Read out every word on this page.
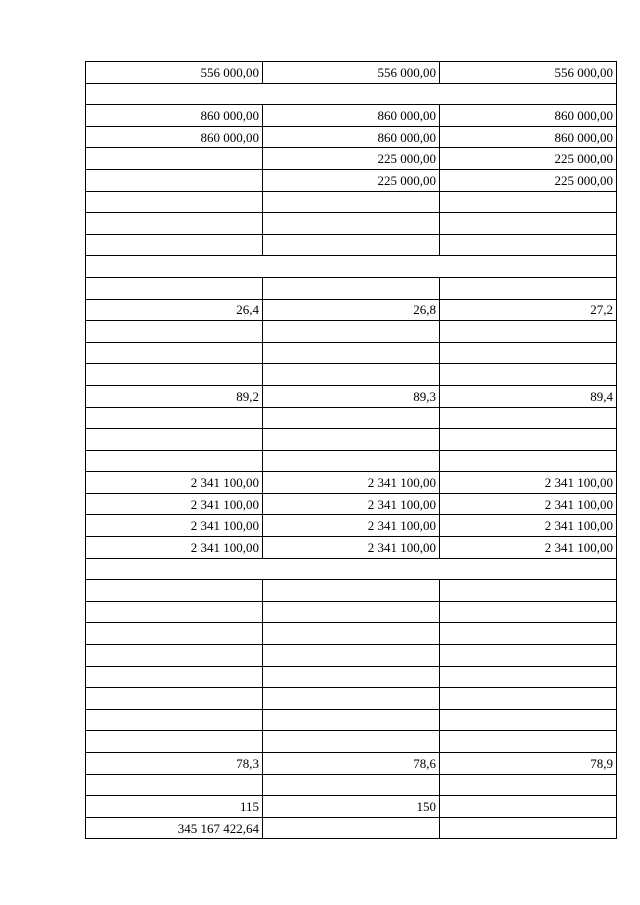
556 000,00	556 000,00	556 000,00

860 000,00	860 000,00	860 000,00
860 000,00	860 000,00	860 000,00
	225 000,00	225 000,00
	225 000,00	225 000,00

26,4	26,8	27,2

89,2	89,3	89,4

2 341 100,00	2 341 100,00	2 341 100,00
2 341 100,00	2 341 100,00	2 341 100,00
2 341 100,00	2 341 100,00	2 341 100,00
2 341 100,00	2 341 100,00	2 341 100,00

78,3	78,6	78,9

115	150	
345 167 422,64		
